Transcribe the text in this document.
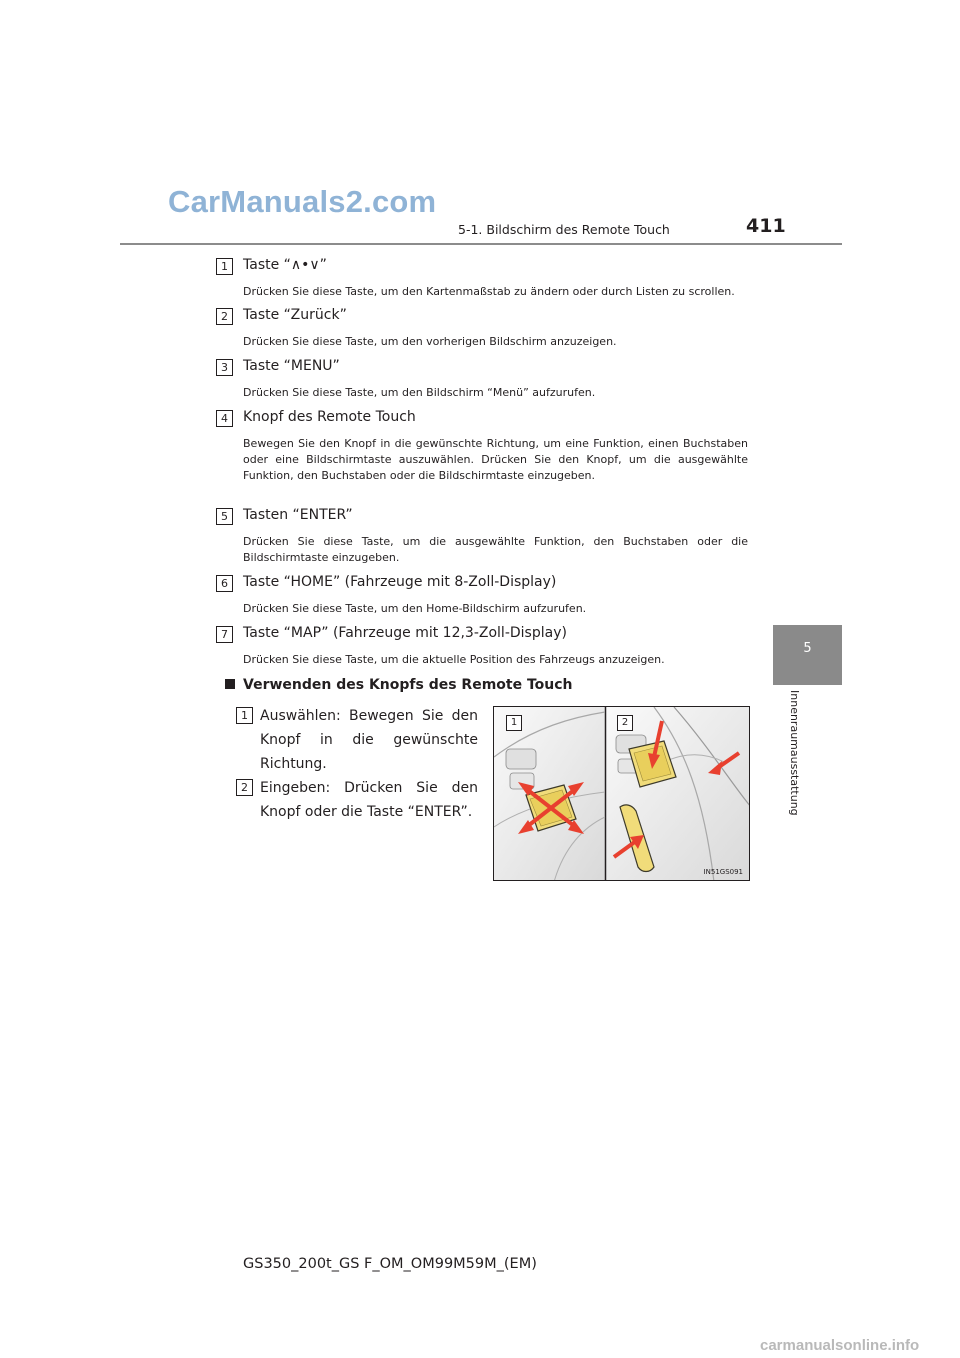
CarManuals2.com
5-1. Bildschirm des Remote Touch	411
5
Innenraumausstattung
1	Taste “∧•∨”
Drücken Sie diese Taste, um den Kartenmaßstab zu ändern oder durch Listen zu scrollen.
2	Taste “Zurück”
Drücken Sie diese Taste, um den vorherigen Bildschirm anzuzeigen.
3	Taste “MENU”
Drücken Sie diese Taste, um den Bildschirm “Menü” aufzurufen.
4	Knopf des Remote Touch
Bewegen Sie den Knopf in die gewünschte Richtung, um eine Funktion, einen Buchstaben oder eine Bildschirmtaste auszuwählen. Drücken Sie den Knopf, um die ausgewählte Funktion, den Buchstaben oder die Bildschirmtaste einzugeben.
5	Tasten “ENTER”
Drücken Sie diese Taste, um die ausgewählte Funktion, den Buchstaben oder die Bildschirmtaste einzugeben.
6	Taste “HOME” (Fahrzeuge mit 8-Zoll-Display)
Drücken Sie diese Taste, um den Home-Bildschirm aufzurufen.
7	Taste “MAP” (Fahrzeuge mit 12,3-Zoll-Display)
Drücken Sie diese Taste, um die aktuelle Position des Fahrzeugs anzuzeigen.
Verwenden des Knopfs des Remote Touch
1 Auswählen: Bewegen Sie den Knopf in die gewünschte Richtung.
2 Eingeben: Drücken Sie den Knopf oder die Taste “ENTER”.
1	2
IN51GS091
GS350_200t_GS F_OM_OM99M59M_(EM)
carmanualsonline.info
